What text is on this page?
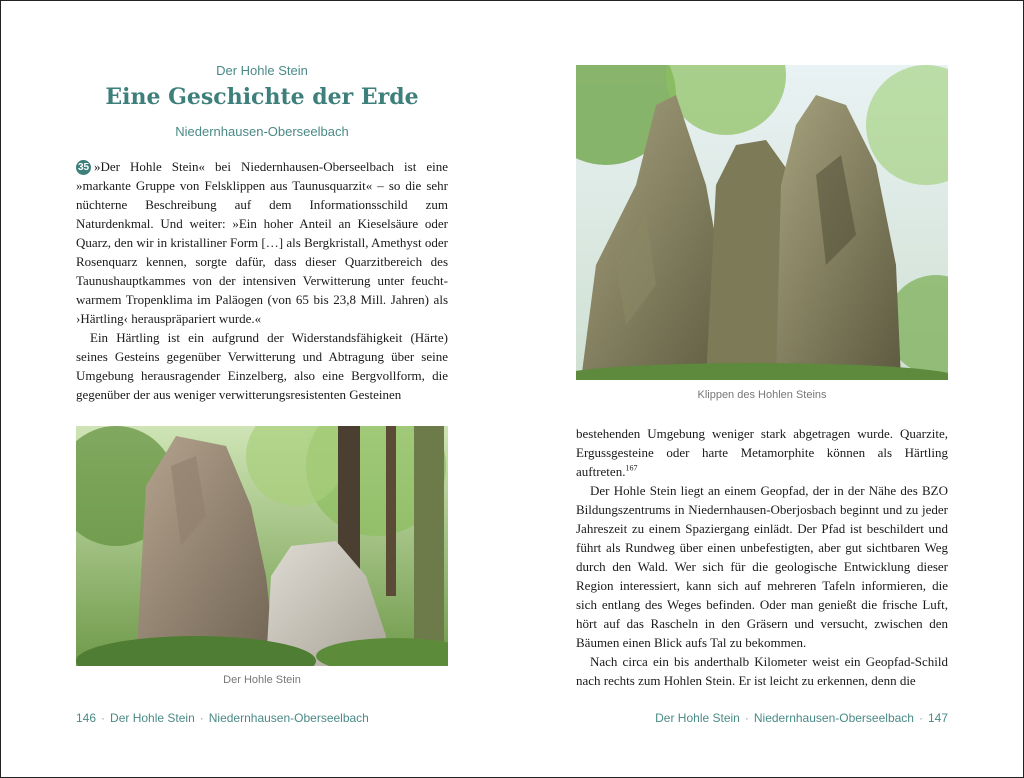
Der Hohle Stein
Eine Geschichte der Erde
Niedernhausen-Oberseelbach

35 »Der Hohle Stein« bei Niedernhausen-Oberseelbach ist eine »markante Gruppe von Felsklippen aus Taunusquarzit« – so die sehr nüchterne Beschreibung auf dem Informationsschild zum Naturdenkmal. Und weiter: »Ein hoher Anteil an Kieselsäure oder Quarz, den wir in kristalliner Form […] als Bergkristall, Amethyst oder Rosenquarz kennen, sorgte dafür, dass dieser Quarzitbereich des Taunushauptkammes von der intensiven Verwitterung unter feucht-warmem Tropenklima im Paläogen (von 65 bis 23,8 Mill. Jahren) als ›Härtling‹ herauspräpariert wurde.«

Ein Härtling ist ein aufgrund der Widerstandsfähigkeit (Härte) seines Gesteins gegenüber Verwitterung und Abtragung über seine Umgebung herausragender Einzelberg, also eine Bergvollform, die gegenüber der aus weniger verwitterungsresistenten Gesteinen

Der Hohle Stein
146 · Der Hohle Stein · Niedernhausen-Oberseelbach
Klippen des Hohlen Steins

bestehenden Umgebung weniger stark abgetragen wurde. Quarzite, Ergussgesteine oder harte Metamorphite können als Härtling auftreten.$^{167}$

Der Hohle Stein liegt an einem Geopfad, der in der Nähe des BZO Bildungszentrums in Niedernhausen-Oberjosbach beginnt und zu jeder Jahreszeit zu einem Spaziergang einlädt. Der Pfad ist beschildert und führt als Rundweg über einen unbefestigten, aber gut sichtbaren Weg durch den Wald. Wer sich für die geologische Entwicklung dieser Region interessiert, kann sich auf mehreren Tafeln informieren, die sich entlang des Weges befinden. Oder man genießt die frische Luft, hört auf das Rascheln in den Gräsern und versucht, zwischen den Bäumen einen Blick aufs Tal zu bekommen.

Nach circa ein bis anderthalb Kilometer weist ein Geopfad-Schild nach rechts zum Hohlen Stein. Er ist leicht zu erkennen, denn die

Der Hohle Stein · Niedernhausen-Oberseelbach · 147
